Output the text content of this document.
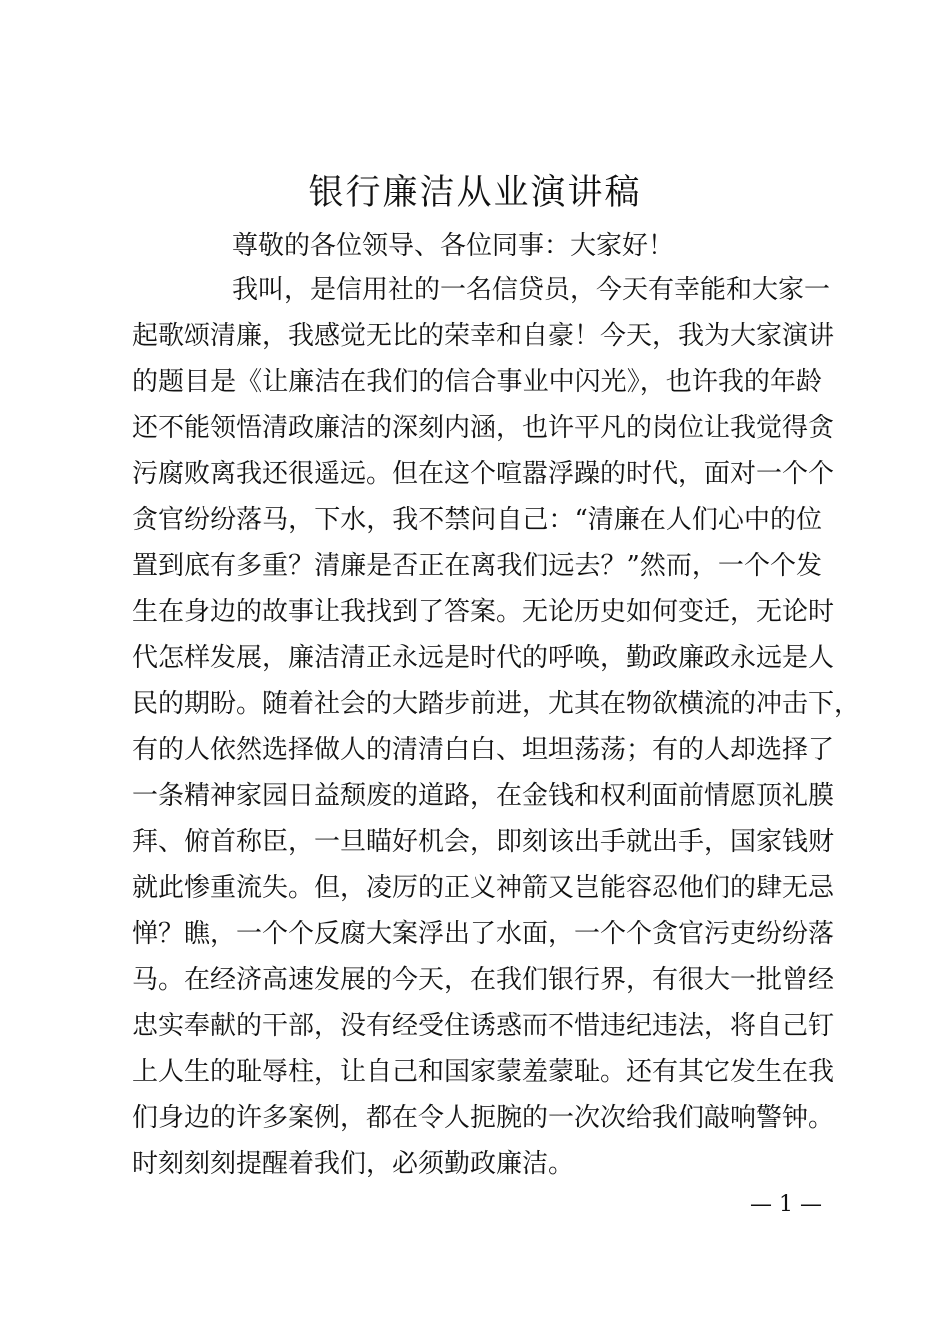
银行廉洁从业演讲稿

尊敬的各位领导、各位同事：大家好！

我叫，是信用社的一名信贷员，今天有幸能和大家一

起歌颂清廉，我感觉无比的荣幸和自豪！今天，我为大家演讲

的题目是《让廉洁在我们的信合事业中闪光》，也许我的年龄

还不能领悟清政廉洁的深刻内涵，也许平凡的岗位让我觉得贪

污腐败离我还很遥远。但在这个喧嚣浮躁的时代，面对一个个

贪官纷纷落马，下水，我不禁问自己：“清廉在人们心中的位

置到底有多重？清廉是否正在离我们远去？”然而，一个个发

生在身边的故事让我找到了答案。无论历史如何变迁，无论时

代怎样发展，廉洁清正永远是时代的呼唤，勤政廉政永远是人

民的期盼。随着社会的大踏步前进，尤其在物欲横流的冲击下，

有的人依然选择做人的清清白白、坦坦荡荡；有的人却选择了

一条精神家园日益颓废的道路，在金钱和权利面前情愿顶礼膜

拜、俯首称臣，一旦瞄好机会，即刻该出手就出手，国家钱财

就此惨重流失。但，凌厉的正义神箭又岂能容忍他们的肆无忌

惮？瞧，一个个反腐大案浮出了水面，一个个贪官污吏纷纷落

马。在经济高速发展的今天，在我们银行界，有很大一批曾经

忠实奉献的干部，没有经受住诱惑而不惜违纪违法，将自己钉

上人生的耻辱柱，让自己和国家蒙羞蒙耻。还有其它发生在我

们身边的许多案例，都在令人扼腕的一次次给我们敲响警钟。

时刻刻刻提醒着我们，必须勤政廉洁。

— 1 —
